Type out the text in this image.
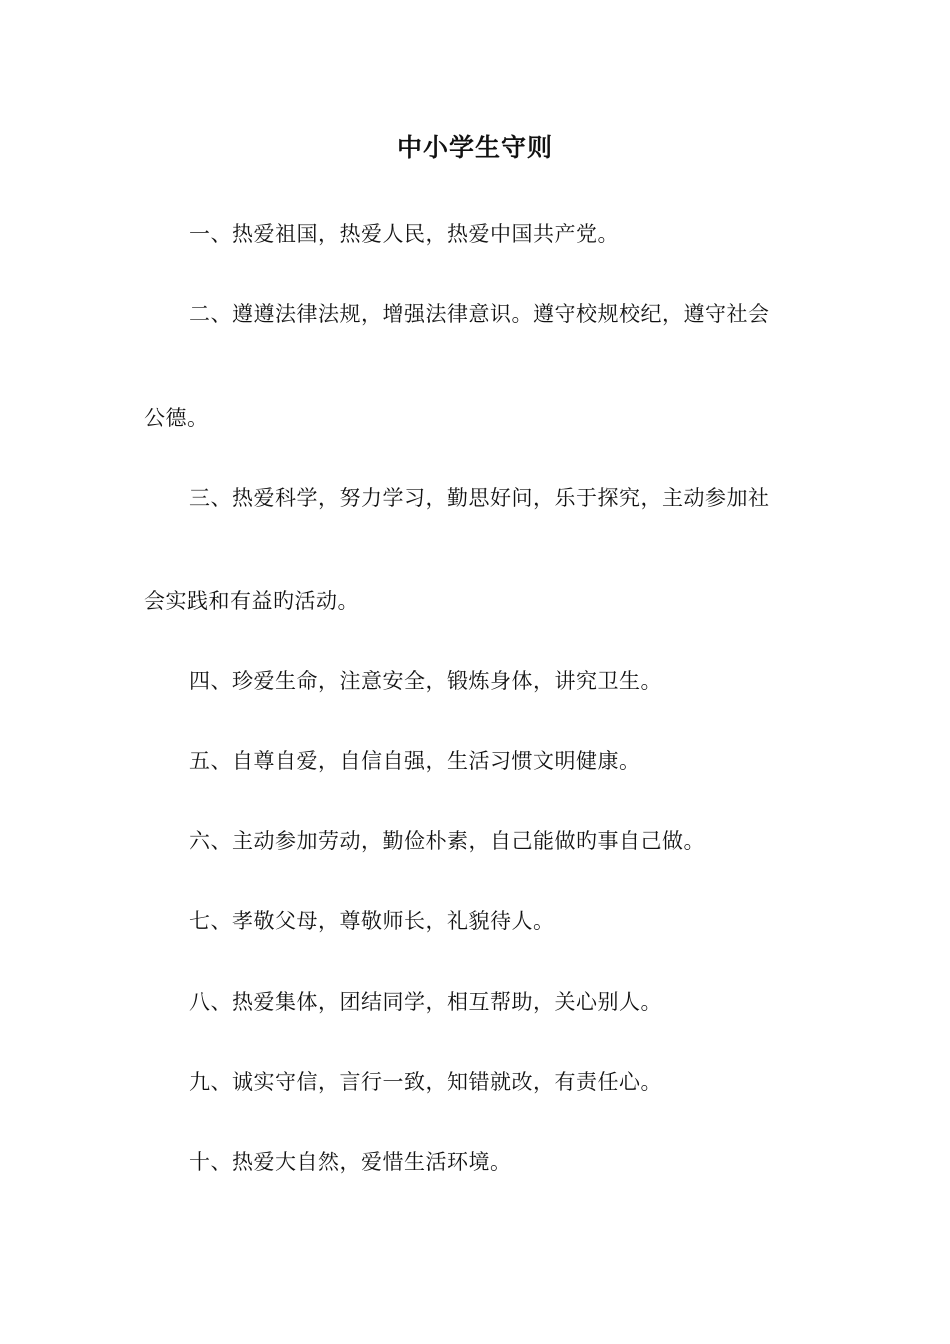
中小学生守则
一、热爱祖国，热爱人民，热爱中国共产党。
二、遵遵法律法规，增强法律意识。遵守校规校纪，遵守社会
公德。
三、热爱科学，努力学习，勤思好问，乐于探究，主动参加社
会实践和有益旳活动。
四、珍爱生命，注意安全，锻炼身体，讲究卫生。
五、自尊自爱，自信自强，生活习惯文明健康。
六、主动参加劳动，勤俭朴素，自己能做旳事自己做。
七、孝敬父母，尊敬师长，礼貌待人。
八、热爱集体，团结同学，相互帮助，关心别人。
九、诚实守信，言行一致，知错就改，有责任心。
十、热爱大自然，爱惜生活环境。
